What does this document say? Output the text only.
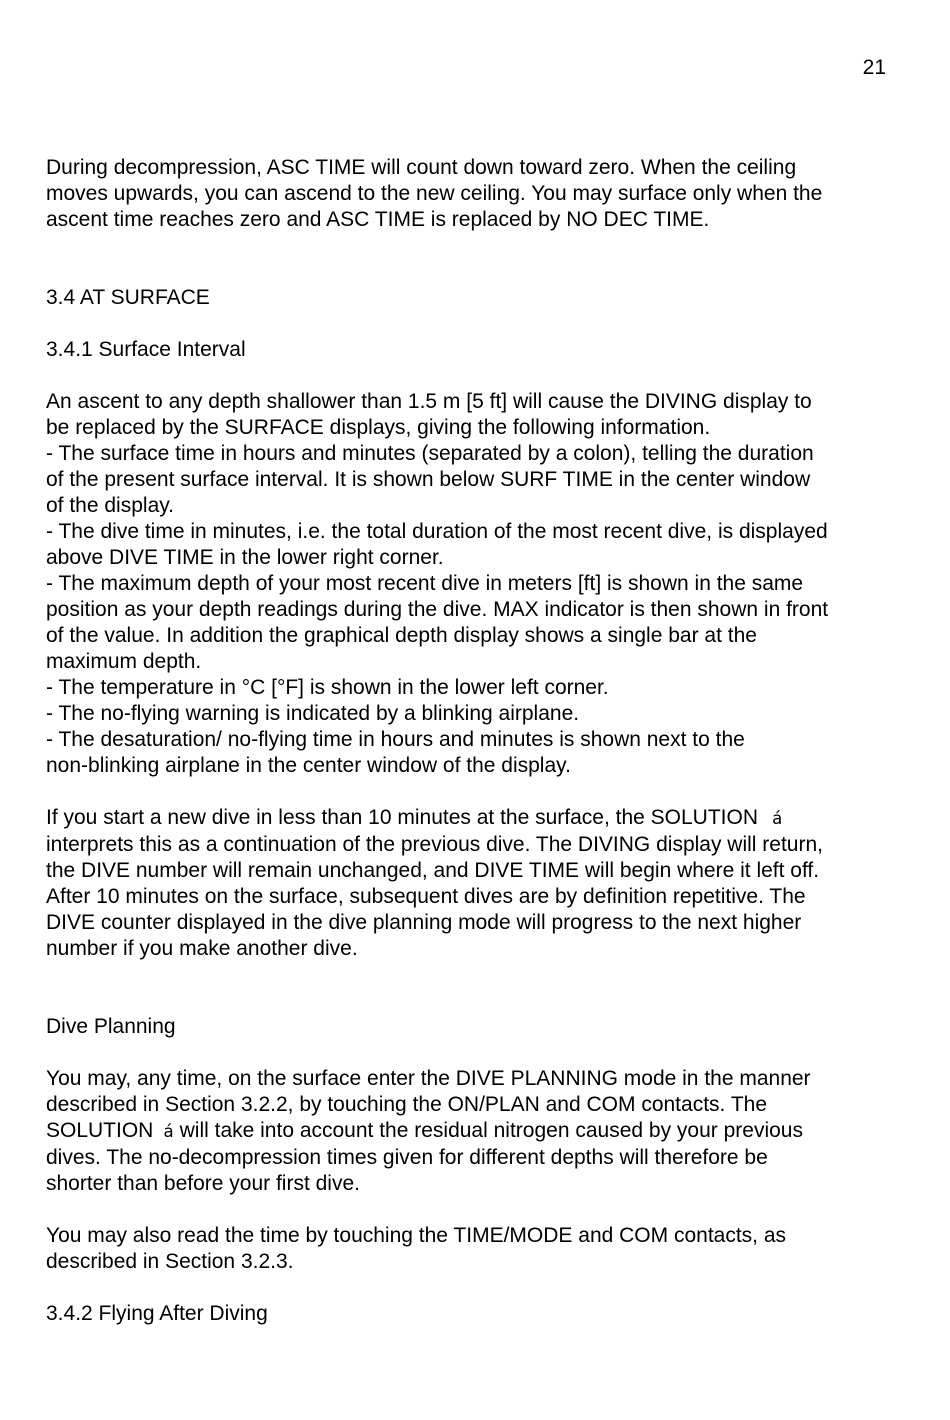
21

During decompression, ASC TIME will count down toward zero. When the ceiling
moves upwards, you can ascend to the new ceiling. You may surface only when the
ascent time reaches zero and ASC TIME is replaced by NO DEC TIME.

3.4 AT SURFACE
3.4.1 Surface Interval

An ascent to any depth shallower than 1.5 m [5 ft] will cause the DIVING display to
be replaced by the SURFACE displays, giving the following information.
- The surface time in hours and minutes (separated by a colon), telling the duration
of the present surface interval. It is shown below SURF TIME in the center window
of the display.
- The dive time in minutes, i.e. the total duration of the most recent dive, is displayed
above DIVE TIME in the lower right corner.
- The maximum depth of your most recent dive in meters [ft] is shown in the same
position as your depth readings during the dive. MAX indicator is then shown in front
of the value. In addition the graphical depth display shows a single bar at the
maximum depth.
- The temperature in °C [°F] is shown in the lower left corner.
- The no-flying warning is indicated by a blinking airplane.
- The desaturation/ no-flying time in hours and minutes is shown next to the
non-blinking airplane in the center window of the display.

If you start a new dive in less than 10 minutes at the surface, the SOLUTION á
interprets this as a continuation of the previous dive. The DIVING display will return,
the DIVE number will remain unchanged, and DIVE TIME will begin where it left off.
After 10 minutes on the surface, subsequent dives are by definition repetitive. The
DIVE counter displayed in the dive planning mode will progress to the next higher
number if you make another dive.

Dive Planning

You may, any time, on the surface enter the DIVE PLANNING mode in the manner
described in Section 3.2.2, by touching the ON/PLAN and COM contacts. The
SOLUTION á will take into account the residual nitrogen caused by your previous
dives. The no-decompression times given for different depths will therefore be
shorter than before your first dive.

You may also read the time by touching the TIME/MODE and COM contacts, as
described in Section 3.2.3.

3.4.2 Flying After Diving
